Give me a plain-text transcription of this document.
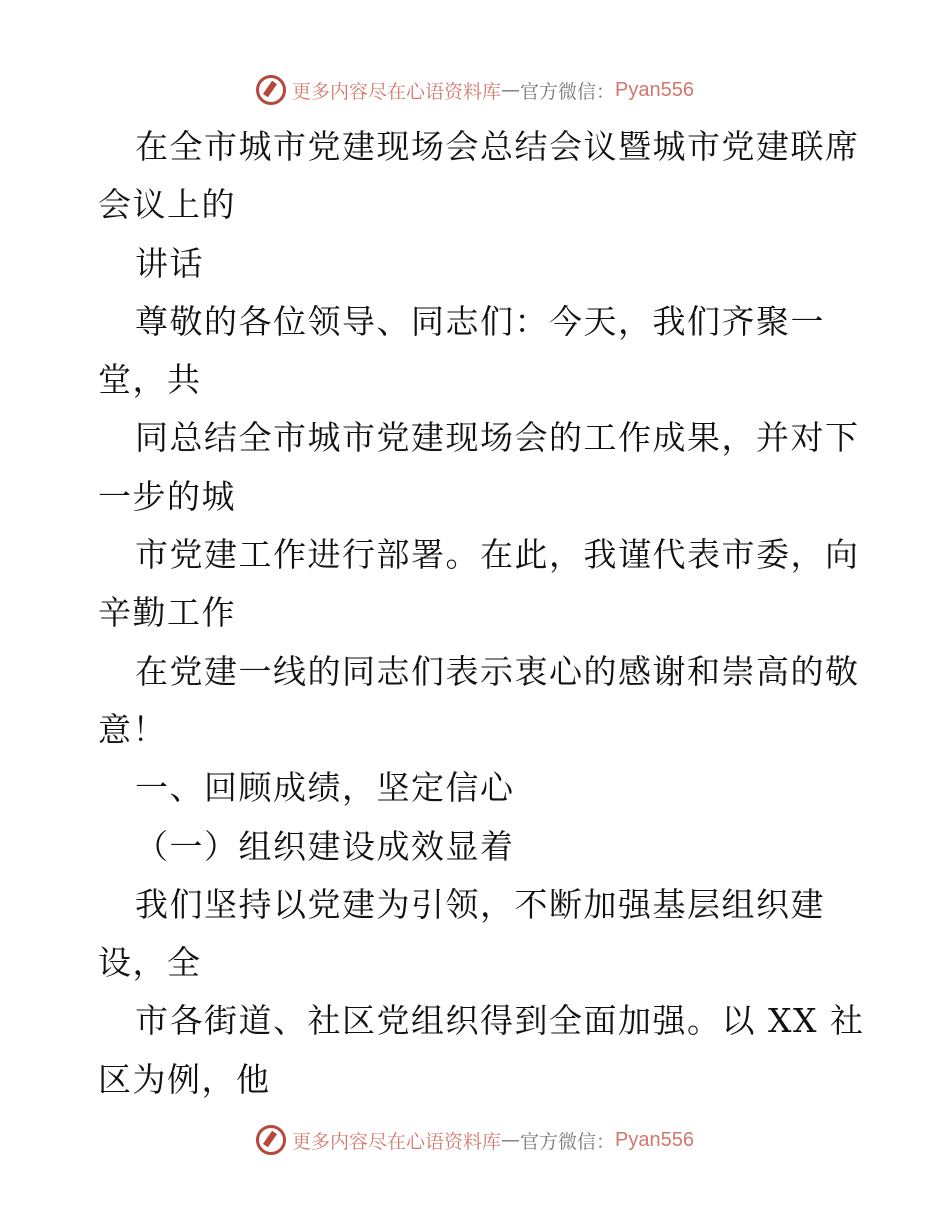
更多内容尽在心语资料库 — 官方微信： Pyan556
在全市城市党建现场会总结会议暨城市党建联席
会议上的
讲话
尊敬的各位领导、同志们：今天，我们齐聚一
堂，共
同总结全市城市党建现场会的工作成果，并对下
一步的城
市党建工作进行部署。在此，我谨代表市委，向
辛勤工作
在党建一线的同志们表示衷心的感谢和崇高的敬
意！
一、回顾成绩，坚定信心
（一）组织建设成效显着
我们坚持以党建为引领，不断加强基层组织建
设，全
市各街道、社区党组织得到全面加强。以 XX 社
区为例，他
更多内容尽在心语资料库 — 官方微信： Pyan556
